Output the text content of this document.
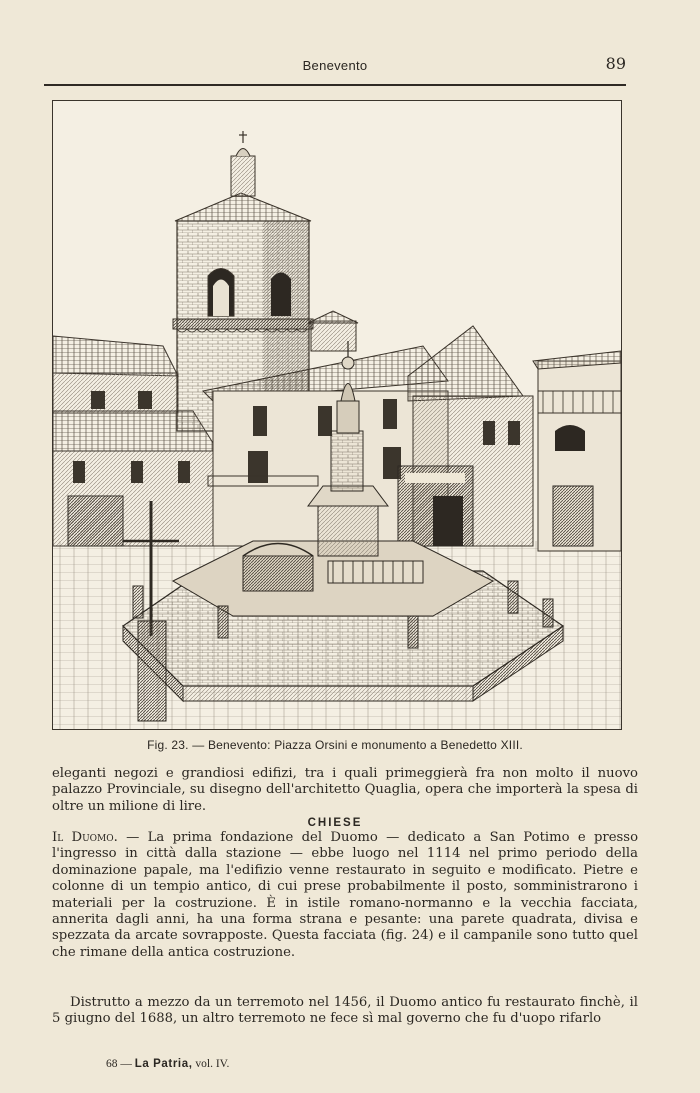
Benevento	89
Fig. 23. — Benevento: Piazza Orsini e monumento a Benedetto XIII.
eleganti negozi e grandiosi edifizi, tra i quali primeggierà fra non molto il nuovo palazzo Provinciale, su disegno dell'architetto Quaglia, opera che importerà la spesa di oltre un milione di lire.
CHIESE
Il Duomo. — La prima fondazione del Duomo — dedicato a San Potimo e presso l'ingresso in città dalla stazione — ebbe luogo nel 1114 nel primo periodo della dominazione papale, ma l'edifizio venne restaurato in seguito e modificato. Pietre e colonne di un tempio antico, di cui prese probabilmente il posto, somministrarono i materiali per la costruzione. È in istile romano-normanno e la vecchia facciata, annerita dagli anni, ha una forma strana e pesante: una parete quadrata, divisa e spezzata da arcate sovrapposte. Questa facciata (fig. 24) e il campanile sono tutto quel che rimane della antica costruzione.
Distrutto a mezzo da un terremoto nel 1456, il Duomo antico fu restaurato finchè, il 5 giugno del 1688, un altro terremoto ne fece sì mal governo che fu d'uopo rifarlo
68 — La Patria, vol. IV.
